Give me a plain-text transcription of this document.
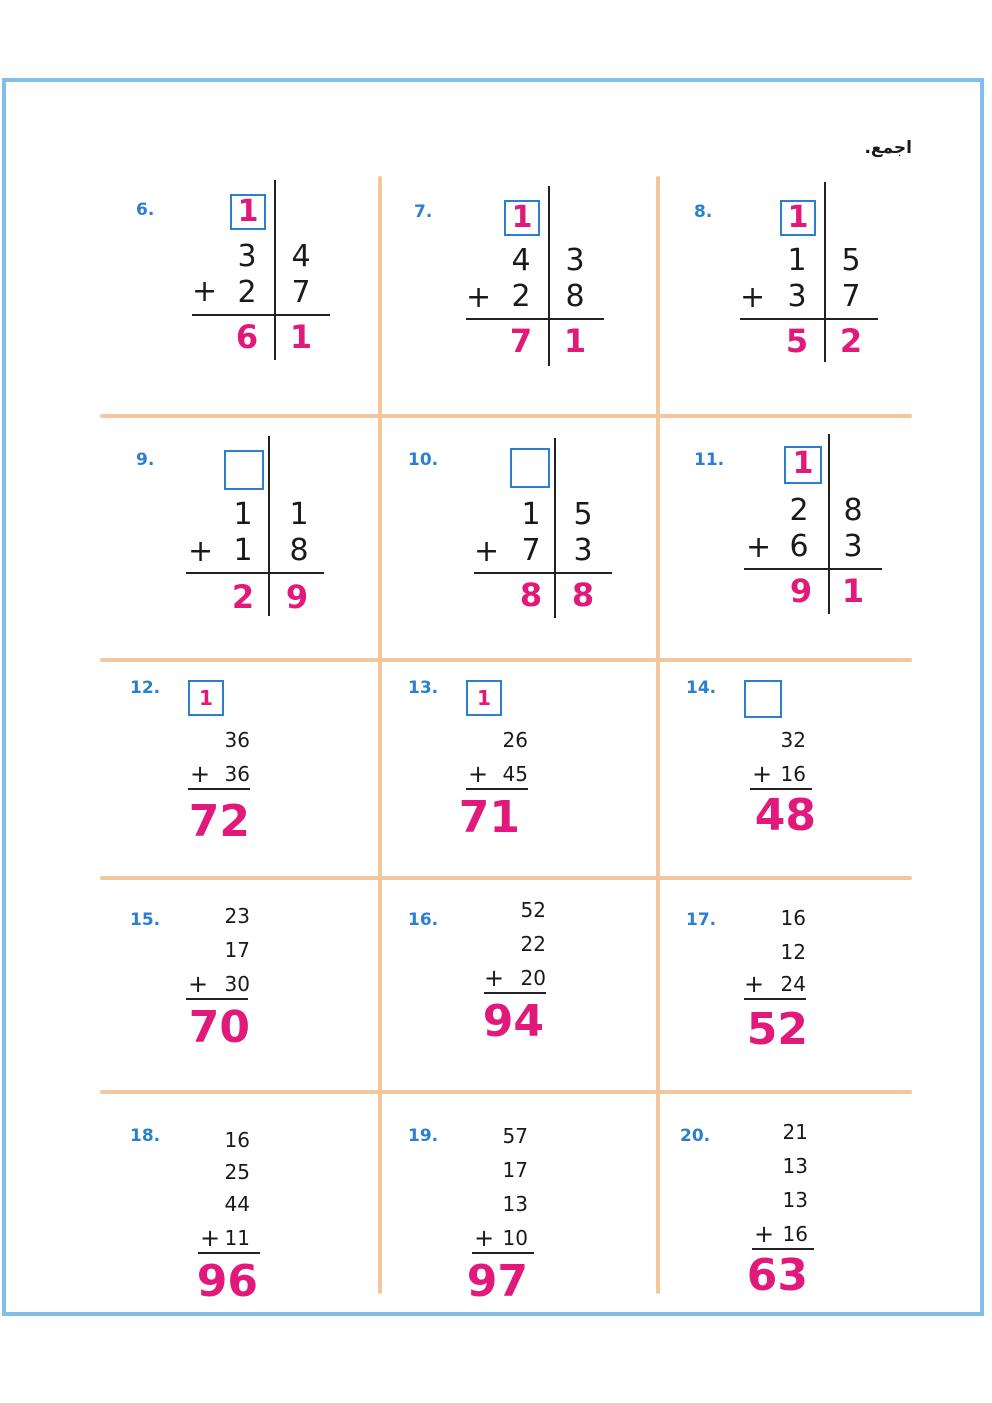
اجمع.
6.	1
3 4
+ 2 7
6 1
7.	1
4 3
+ 2 8
7 1
8.	1
1 5
+ 3 7
5 2
9.
1 1
+ 1 8
2 9
10.
1 5
+ 7 3
8 8
11. 1
2 8
+ 6 3
9 1
12.	1
36
+ 36
72
13.	1
26
+ 45
71
14.
32
+ 16
48
15.	23
17
+ 30
70
16.	52
22
+ 20
94
17.	16
12
+ 24
52
18.	16
25
44
+ 11
96
19.	57
17
13
+ 10
97
20.	21
13
13
+ 16
63
